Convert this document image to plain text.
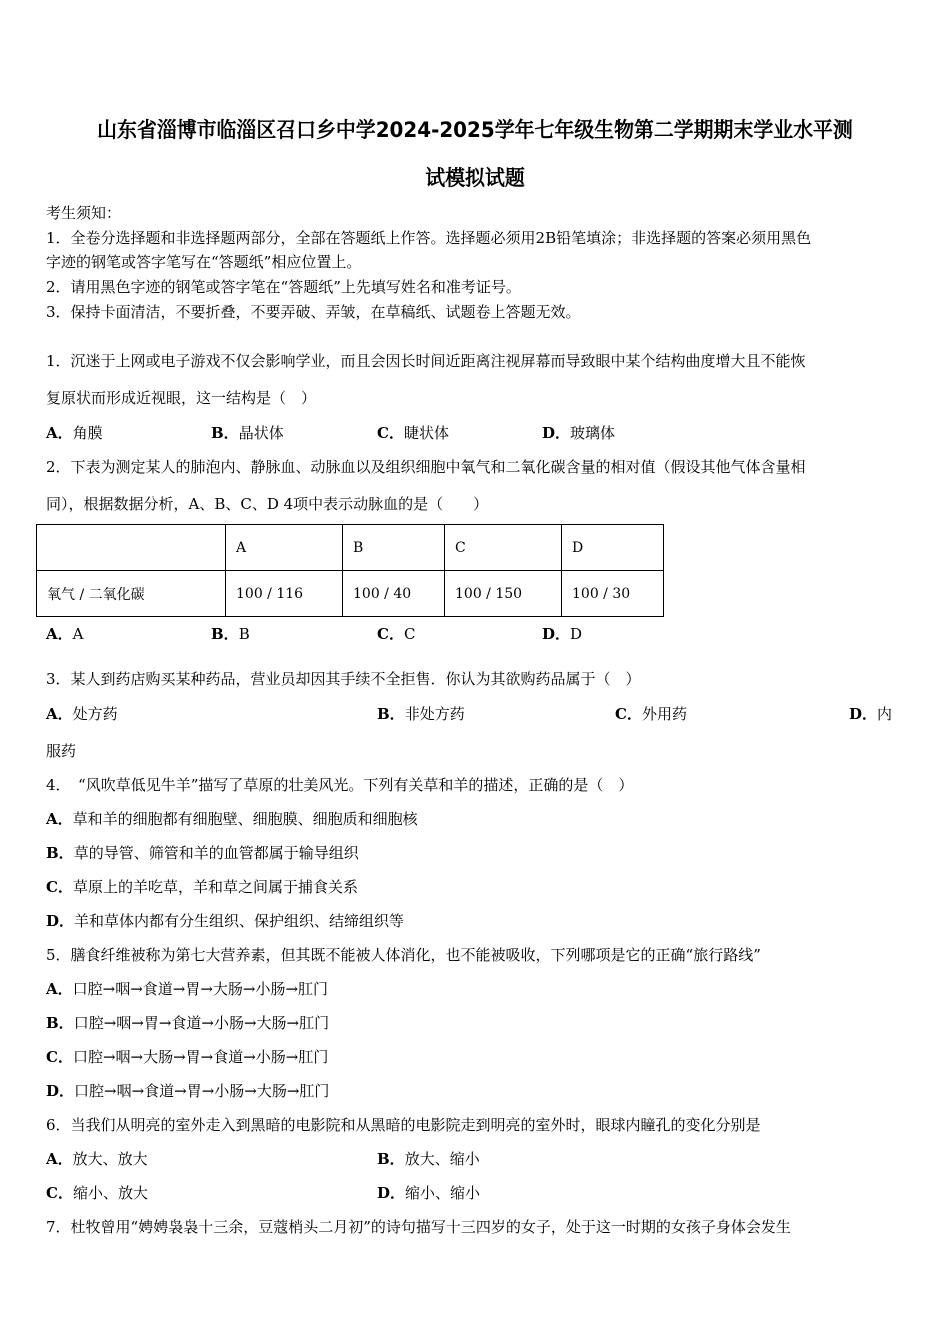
山东省淄博市临淄区召口乡中学2024-2025学年七年级生物第二学期期末学业水平测
试模拟试题
考生须知：
1．全卷分选择题和非选择题两部分，全部在答题纸上作答。选择题必须用2B铅笔填涂；非选择题的答案必须用黑色
字迹的钢笔或答字笔写在“答题纸”相应位置上。
2．请用黑色字迹的钢笔或答字笔在“答题纸”上先填写姓名和准考证号。
3．保持卡面清洁，不要折叠，不要弄破、弄皱，在草稿纸、试题卷上答题无效。
1．沉迷于上网或电子游戏不仅会影响学业，而且会因长时间近距离注视屏幕而导致眼中某个结构曲度增大且不能恢
复原状而形成近视眼，这一结构是（　）
A．角膜	B．晶状体	C．睫状体	D．玻璃体
2．下表为测定某人的肺泡内、静脉血、动脉血以及组织细胞中氧气和二氧化碳含量的相对值（假设其他气体含量相
同），根据数据分析，A、B、C、D 4项中表示动脉血的是（　　）
	A	B	C	D
氧气 / 二氧化碳	100 / 116	100 / 40	100 / 150	100 / 30
A．A	B．B	C．C	D．D
3．某人到药店购买某种药品，营业员却因其手续不全拒售．你认为其欲购药品属于（　）
A．处方药	B．非处方药	C．外用药	D．内
服药
4．　“风吹草低见牛羊”描写了草原的壮美风光。下列有关草和羊的描述，正确的是（　）
A．草和羊的细胞都有细胞壁、细胞膜、细胞质和细胞核
B．草的导管、筛管和羊的血管都属于输导组织
C．草原上的羊吃草，羊和草之间属于捕食关系
D．羊和草体内都有分生组织、保护组织、结缔组织等
5．膳食纤维被称为第七大营养素，但其既不能被人体消化，也不能被吸收，下列哪项是它的正确“旅行路线”
A．口腔→咽→食道→胃→大肠→小肠→肛门
B．口腔→咽→胃→食道→小肠→大肠→肛门
C．口腔→咽→大肠→胃→食道→小肠→肛门
D．口腔→咽→食道→胃→小肠→大肠→肛门
6．当我们从明亮的室外走入到黑暗的电影院和从黑暗的电影院走到明亮的室外时，眼球内瞳孔的变化分别是
A．放大、放大	B．放大、缩小
C．缩小、放大	D．缩小、缩小
7．杜牧曾用“娉娉袅袅十三余，豆蔻梢头二月初”的诗句描写十三四岁的女子，处于这一时期的女孩子身体会发生
